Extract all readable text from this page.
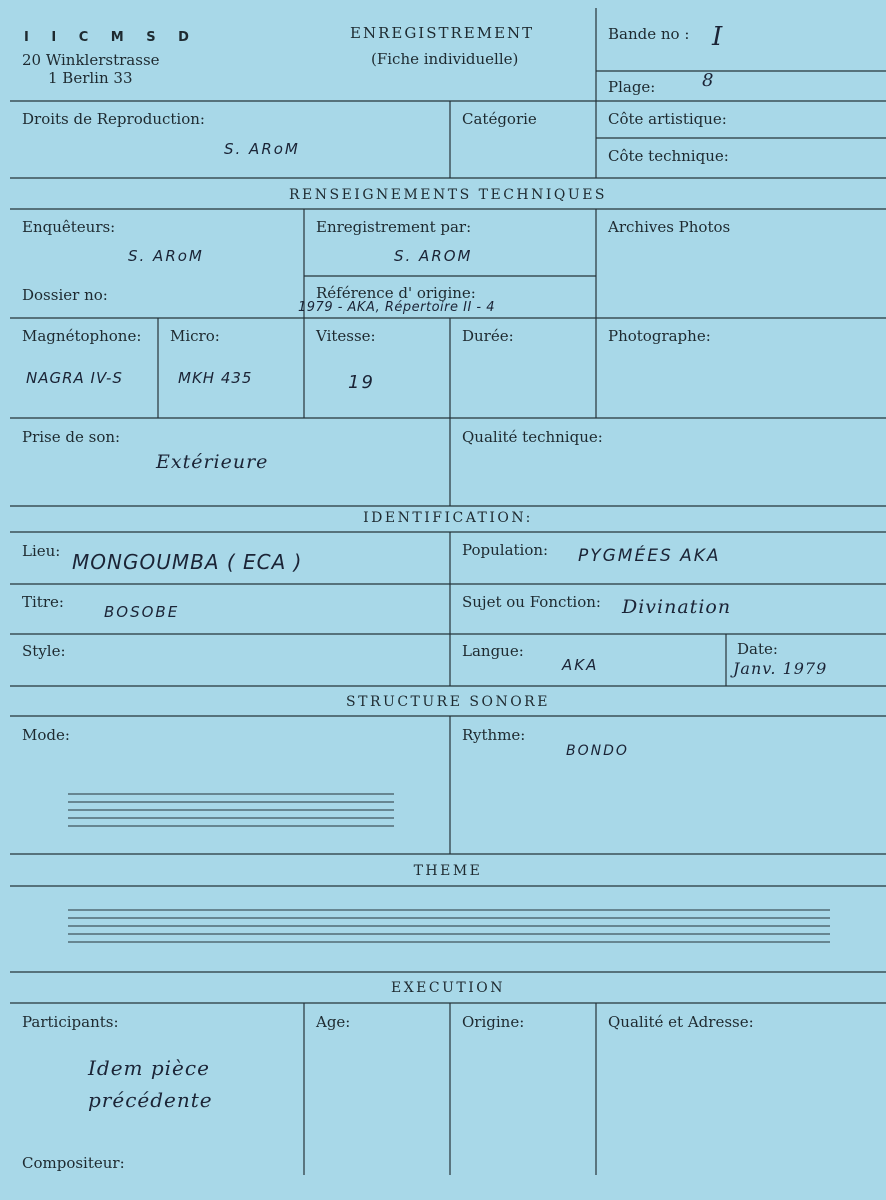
I I C M S D
20 Winklerstrasse
1 Berlin 33
ENREGISTREMENT
(Fiche individuelle)
Bande no : I
Plage:	8
Droits de Reproduction:
S. ARoM
Catégorie	Côte artistique:
Côte technique:
RENSEIGNEMENTS TECHNIQUES
Enquêteurs:
S. ARoM
Enregistrement par:
S. AROM
Archives Photos
Dossier no:	Référence d' origine:
1979 - AKA, Répertoire II - 4
Magnétophone:
NAGRA IV-S
Micro:
MKH 435
Vitesse:
19
Durée:	Photographe:
Prise de son:
Extérieure
Qualité technique:
IDENTIFICATION:
Lieu: MONGOUMBA ( ECA )	Population: PYGMÉES AKA
Titre:
BOSOBE
Sujet ou Fonction: Divination
Style:	Langue:
AKA
Date:
Janv. 1979
STRUCTURE SONORE
Mode:	Rythme:
BONDO
THEME
EXECUTION
Participants:
Idem pièce
précédente
Age:	Origine:	Qualité et Adresse:
Compositeur:
